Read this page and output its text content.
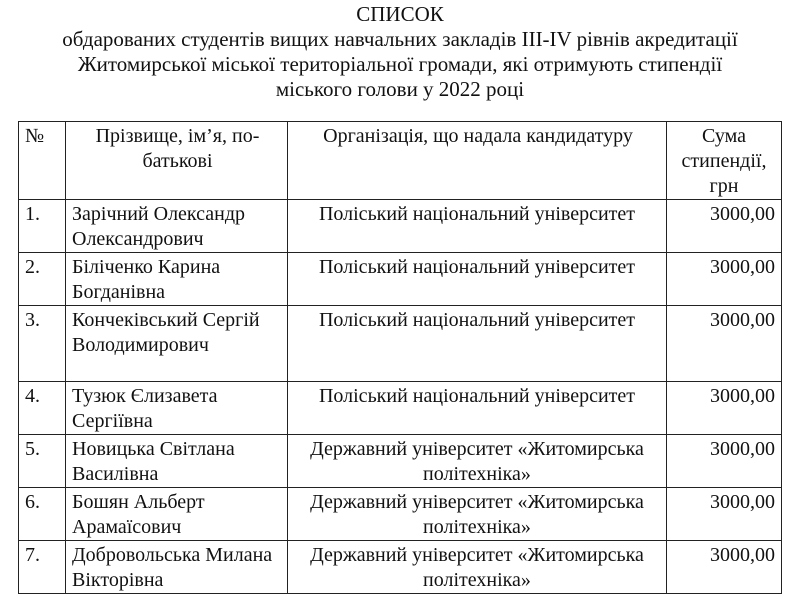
СПИСОК
обдарованих студентів вищих навчальних закладів ІІІ-ІV рівнів акредитації
Житомирської міської територіальної громади, які отримують стипендії
міського голови у 2022 році
№	Прізвище, ім’я, по-батькові	Організація, що надала кандидатуру	Сума стипендії, грн
1.	Зарічний Олександр Олександрович	Поліський національний університет	3000,00
2.	Біліченко Карина Богданівна	Поліський національний університет	3000,00
3.	Кончеківський Сергій Володимирович	Поліський національний університет	3000,00
4.	Тузюк Єлизавета Сергіївна	Поліський національний університет	3000,00
5.	Новицька Світлана Василівна	Державний університет «Житомирська політехніка»	3000,00
6.	Бошян Альберт Арамаїсович	Державний університет «Житомирська політехніка»	3000,00
7.	Добровольська Милана Вікторівна	Державний університет «Житомирська політехніка»	3000,00
